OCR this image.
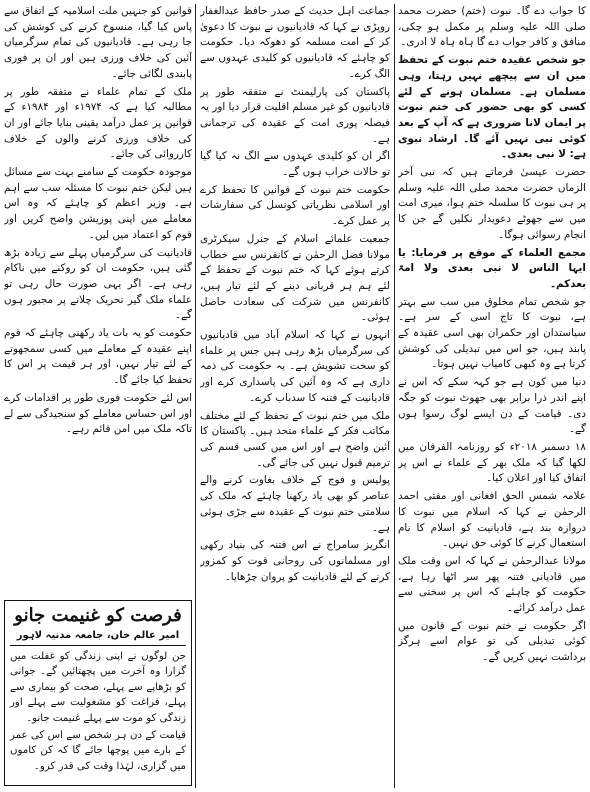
کا جواب دے گا۔ نبوت (ختم) حضرت محمد صلی اللہ علیہ وسلم پر مکمل ہو چکی، منافق و کافر جواب دے گا ہاہ ہاہ لا ادری۔

جو شخص عقیدہ ختم نبوت کے تحفظ میں ان سے پیچھے نہیں رہتا، وہی مسلمان ہے۔ مسلمان ہونے کے لئے کسی کو بھی حضور کی ختم نبوت پر ایمان لانا ضروری ہے کہ آپ کے بعد کوئی نبی نہیں آئے گا۔ ارشاد نبوی ہے: لا نبی بعدی۔

حضرت عیسیٰ فرماتے ہیں کہ نبی آخر الزماں حضرت محمد صلی اللہ علیہ وسلم پر ہی نبوت کا سلسلہ ختم ہوا، میری امت میں سے جھوٹے دعویدار نکلیں گے جن کا انجام رسوائی ہوگا۔

مجمع العلماء کے موقع پر فرمایا: یا ایہا الناس لا نبی بعدی ولا امۃ بعدکم۔

جو شخص تمام مخلوق میں سب سے بہتر ہے، نبوت کا تاج اسی کے سر ہے۔ سیاستدان اور حکمران بھی اسی عقیدہ کے پابند ہیں، جو اس میں تبدیلی کی کوشش کرتا ہے وہ کبھی کامیاب نہیں ہوتا۔

دنیا میں کون ہے جو کہہ سکے کہ اس نے اپنے اندر ذرا برابر بھی جھوٹ نبوت کو جگہ دی۔ قیامت کے دن ایسے لوگ رسوا ہوں گے۔

۱۸ دسمبر ۲۰۱۸ء کو روزنامہ الفرقان میں لکھا گیا کہ ملک بھر کے علماء نے اس پر اتفاق کیا اور اعلان کیا۔

علامہ شمس الحق افغانی اور مفتی احمد الرحمٰن نے کہا کہ اسلام میں نبوت کا دروازہ بند ہے، قادیانیت کو اسلام کا نام استعمال کرنے کا کوئی حق نہیں۔

مولانا عبدالرحمٰن نے کہا کہ اس وقت ملک میں قادیانی فتنہ پھر سر اٹھا رہا ہے، حکومت کو چاہئے کہ اس پر سختی سے عمل درآمد کرائے۔

اگر حکومت نے ختم نبوت کے قانون میں کوئی تبدیلی کی تو عوام اسے ہرگز برداشت نہیں کریں گے۔

جماعت اہل حدیث کے صدر حافظ عبدالغفار روپڑی نے کہا کہ قادیانیوں نے نبوت کا دعویٰ کر کے امت مسلمہ کو دھوکہ دیا۔ حکومت کو چاہئے کہ قادیانیوں کو کلیدی عہدوں سے الگ کرے۔

پاکستان کی پارلیمنٹ نے متفقہ طور پر قادیانیوں کو غیر مسلم اقلیت قرار دیا اور یہ فیصلہ پوری امت کے عقیدہ کی ترجمانی ہے۔

اگر ان کو کلیدی عہدوں سے الگ نہ کیا گیا تو حالات خراب ہوں گے۔

حکومت ختم نبوت کے قوانین کا تحفظ کرے اور اسلامی نظریاتی کونسل کی سفارشات پر عمل کرے۔

جمعیت علمائے اسلام کے جنرل سیکرٹری مولانا فضل الرحمٰن نے کانفرنس سے خطاب کرتے ہوئے کہا کہ ختم نبوت کے تحفظ کے لئے ہم ہر قربانی دینے کے لئے تیار ہیں، کانفرنس میں شرکت کی سعادت حاصل ہوئی۔

انہوں نے کہا کہ اسلام آباد میں قادیانیوں کی سرگرمیاں بڑھ رہی ہیں جس پر علماء کو سخت تشویش ہے۔ یہ حکومت کی ذمہ داری ہے کہ وہ آئین کی پاسداری کرے اور قادیانیت کے فتنہ کا سدباب کرے۔

ملک میں ختم نبوت کے تحفظ کے لئے مختلف مکاتب فکر کے علماء متحد ہیں۔ پاکستان کا آئین واضح ہے اور اس میں کسی قسم کی ترمیم قبول نہیں کی جائے گی۔

پولیس و فوج کے خلاف بغاوت کرنے والے عناصر کو بھی یاد رکھنا چاہئے کہ ملک کی سلامتی ختم نبوت کے عقیدہ سے جڑی ہوئی ہے۔

انگریز سامراج نے اس فتنہ کی بنیاد رکھی اور مسلمانوں کی روحانی قوت کو کمزور کرنے کے لئے قادیانیت کو پروان چڑھایا۔

قوانین کو جنہیں ملت اسلامیہ کے اتفاق سے پاس کیا گیا، منسوخ کرنے کی کوشش کی جا رہی ہے۔ قادیانیوں کی تمام سرگرمیاں آئین کی خلاف ورزی ہیں اور ان پر فوری پابندی لگائی جائے۔

ملک کے تمام علماء نے متفقہ طور پر مطالبہ کیا ہے کہ ۱۹۷۴ء اور ۱۹۸۴ء کے قوانین پر عمل درآمد یقینی بنایا جائے اور ان کی خلاف ورزی کرنے والوں کے خلاف کارروائی کی جائے۔

موجودہ حکومت کے سامنے بہت سے مسائل ہیں لیکن ختم نبوت کا مسئلہ سب سے اہم ہے۔ وزیر اعظم کو چاہئے کہ وہ اس معاملے میں اپنی پوزیشن واضح کریں اور قوم کو اعتماد میں لیں۔

قادیانیت کی سرگرمیاں پہلے سے زیادہ بڑھ گئی ہیں، حکومت ان کو روکنے میں ناکام رہی ہے۔ اگر یہی صورت حال رہی تو علماء ملک گیر تحریک چلانے پر مجبور ہوں گے۔

حکومت کو یہ بات یاد رکھنی چاہئے کہ قوم اپنے عقیدہ کے معاملے میں کسی سمجھوتے کے لئے تیار نہیں، اور ہر قیمت پر اس کا تحفظ کیا جائے گا۔

اس لئے حکومت فوری طور پر اقدامات کرے اور اس حساس معاملے کو سنجیدگی سے لے تاکہ ملک میں امن قائم رہے۔

فرصت کو غنیمت جانو
امیر عالم خان، جامعہ مدنیہ لاہور

جن لوگوں نے اپنی زندگی کو غفلت میں گزارا وہ آخرت میں پچھتائیں گے۔ جوانی کو بڑھاپے سے پہلے، صحت کو بیماری سے پہلے، فراغت کو مشغولیت سے پہلے اور زندگی کو موت سے پہلے غنیمت جانو۔

قیامت کے دن ہر شخص سے اس کی عمر کے بارے میں پوچھا جائے گا کہ کن کاموں میں گزاری، لہٰذا وقت کی قدر کرو۔
